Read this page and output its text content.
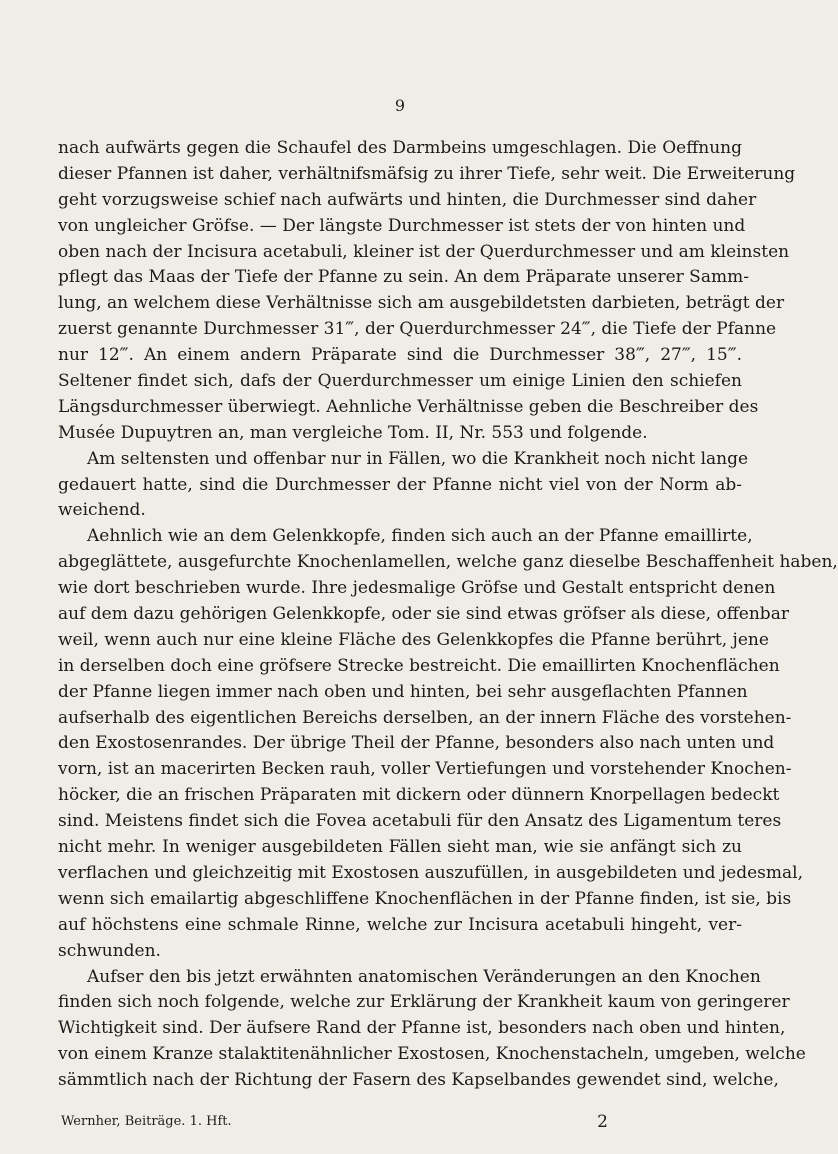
9
nach aufwärts gegen die Schaufel des Darmbeins umgeschlagen. Die Oeffnung
dieser Pfannen ist daher, verhältnifsmäfsig zu ihrer Tiefe, sehr weit. Die Erweiterung
geht vorzugsweise schief nach aufwärts und hinten, die Durchmesser sind daher
von ungleicher Gröfse. — Der längste Durchmesser ist stets der von hinten und
oben nach der Incisura acetabuli, kleiner ist der Querdurchmesser und am kleinsten
pflegt das Maas der Tiefe der Pfanne zu sein. An dem Präparate unserer Samm-
lung, an welchem diese Verhältnisse sich am ausgebildetsten darbieten, beträgt der
zuerst genannte Durchmesser 31‴, der Querdurchmesser 24‴, die Tiefe der Pfanne
nur 12‴. An einem andern Präparate sind die Durchmesser 38‴, 27‴, 15‴.
Seltener findet sich, dafs der Querdurchmesser um einige Linien den schiefen
Längsdurchmesser überwiegt. Aehnliche Verhältnisse geben die Beschreiber des
Musée Dupuytren an, man vergleiche Tom. II, Nr. 553 und folgende.
Am seltensten und offenbar nur in Fällen, wo die Krankheit noch nicht lange
gedauert hatte, sind die Durchmesser der Pfanne nicht viel von der Norm ab-
weichend.
Aehnlich wie an dem Gelenkkopfe, finden sich auch an der Pfanne emaillirte,
abgeglättete, ausgefurchte Knochenlamellen, welche ganz dieselbe Beschaffenheit haben,
wie dort beschrieben wurde. Ihre jedesmalige Gröfse und Gestalt entspricht denen
auf dem dazu gehörigen Gelenkkopfe, oder sie sind etwas gröfser als diese, offenbar
weil, wenn auch nur eine kleine Fläche des Gelenkkopfes die Pfanne berührt, jene
in derselben doch eine gröfsere Strecke bestreicht. Die emaillirten Knochenflächen
der Pfanne liegen immer nach oben und hinten, bei sehr ausgeflachten Pfannen
aufserhalb des eigentlichen Bereichs derselben, an der innern Fläche des vorstehen-
den Exostosenrandes. Der übrige Theil der Pfanne, besonders also nach unten und
vorn, ist an macerirten Becken rauh, voller Vertiefungen und vorstehender Knochen-
höcker, die an frischen Präparaten mit dickern oder dünnern Knorpellagen bedeckt
sind. Meistens findet sich die Fovea acetabuli für den Ansatz des Ligamentum teres
nicht mehr. In weniger ausgebildeten Fällen sieht man, wie sie anfängt sich zu
verflachen und gleichzeitig mit Exostosen auszufüllen, in ausgebildeten und jedesmal,
wenn sich emailartig abgeschliffene Knochenflächen in der Pfanne finden, ist sie, bis
auf höchstens eine schmale Rinne, welche zur Incisura acetabuli hingeht, ver-
schwunden.
Aufser den bis jetzt erwähnten anatomischen Veränderungen an den Knochen
finden sich noch folgende, welche zur Erklärung der Krankheit kaum von geringerer
Wichtigkeit sind. Der äufsere Rand der Pfanne ist, besonders nach oben und hinten,
von einem Kranze stalaktitenähnlicher Exostosen, Knochenstacheln, umgeben, welche
sämmtlich nach der Richtung der Fasern des Kapselbandes gewendet sind, welche,
Wernher, Beiträge. 1. Hft.	2
